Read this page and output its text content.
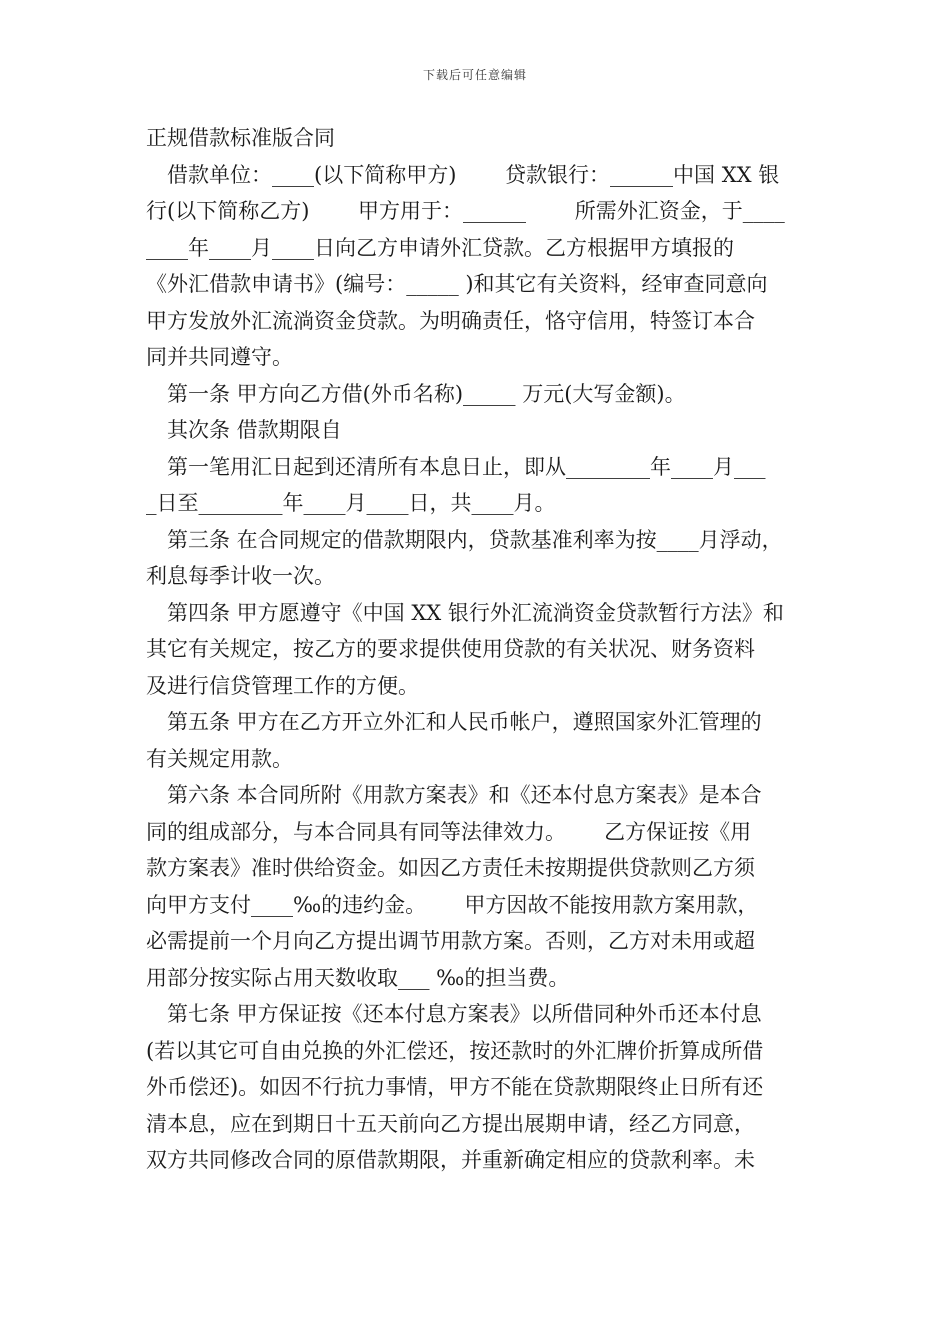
下载后可任意编辑
正规借款标准版合同
　借款单位：____(以下简称甲方)　　 贷款银行：______中国 XX 银
行(以下简称乙方)　　 甲方用于：______　　 所需外汇资金，于____
____年____月____日向乙方申请外汇贷款。乙方根据甲方填报的
《外汇借款申请书》(编号：_____ )和其它有关资料，经审查同意向
甲方发放外汇流淌资金贷款。为明确责任，恪守信用，特签订本合
同并共同遵守。
　第一条 甲方向乙方借(外币名称)_____ 万元(大写金额)。
　其次条 借款期限自
　第一笔用汇日起到还清所有本息日止，即从________年____月___
_日至________年____月____日，共____月。
　第三条 在合同规定的借款期限内，贷款基准利率为按____月浮动，
利息每季计收一次。
　第四条 甲方愿遵守《中国 XX 银行外汇流淌资金贷款暂行方法》和
其它有关规定，按乙方的要求提供使用贷款的有关状况、财务资料
及进行信贷管理工作的方便。
　第五条 甲方在乙方开立外汇和人民币帐户，遵照国家外汇管理的
有关规定用款。
　第六条 本合同所附《用款方案表》和《还本付息方案表》是本合
同的组成部分，与本合同具有同等法律效力。　　 乙方保证按《用
款方案表》准时供给资金。如因乙方责任未按期提供贷款则乙方须
向甲方支付____‰的违约金。　　 甲方因故不能按用款方案用款，
必需提前一个月向乙方提出调节用款方案。否则，乙方对未用或超
用部分按实际占用天数收取___ ‰的担当费。
　第七条 甲方保证按《还本付息方案表》以所借同种外币还本付息
(若以其它可自由兑换的外汇偿还，按还款时的外汇牌价折算成所借
外币偿还)。如因不行抗力事情，甲方不能在贷款期限终止日所有还
清本息，应在到期日十五天前向乙方提出展期申请，经乙方同意，
双方共同修改合同的原借款期限，并重新确定相应的贷款利率。未
